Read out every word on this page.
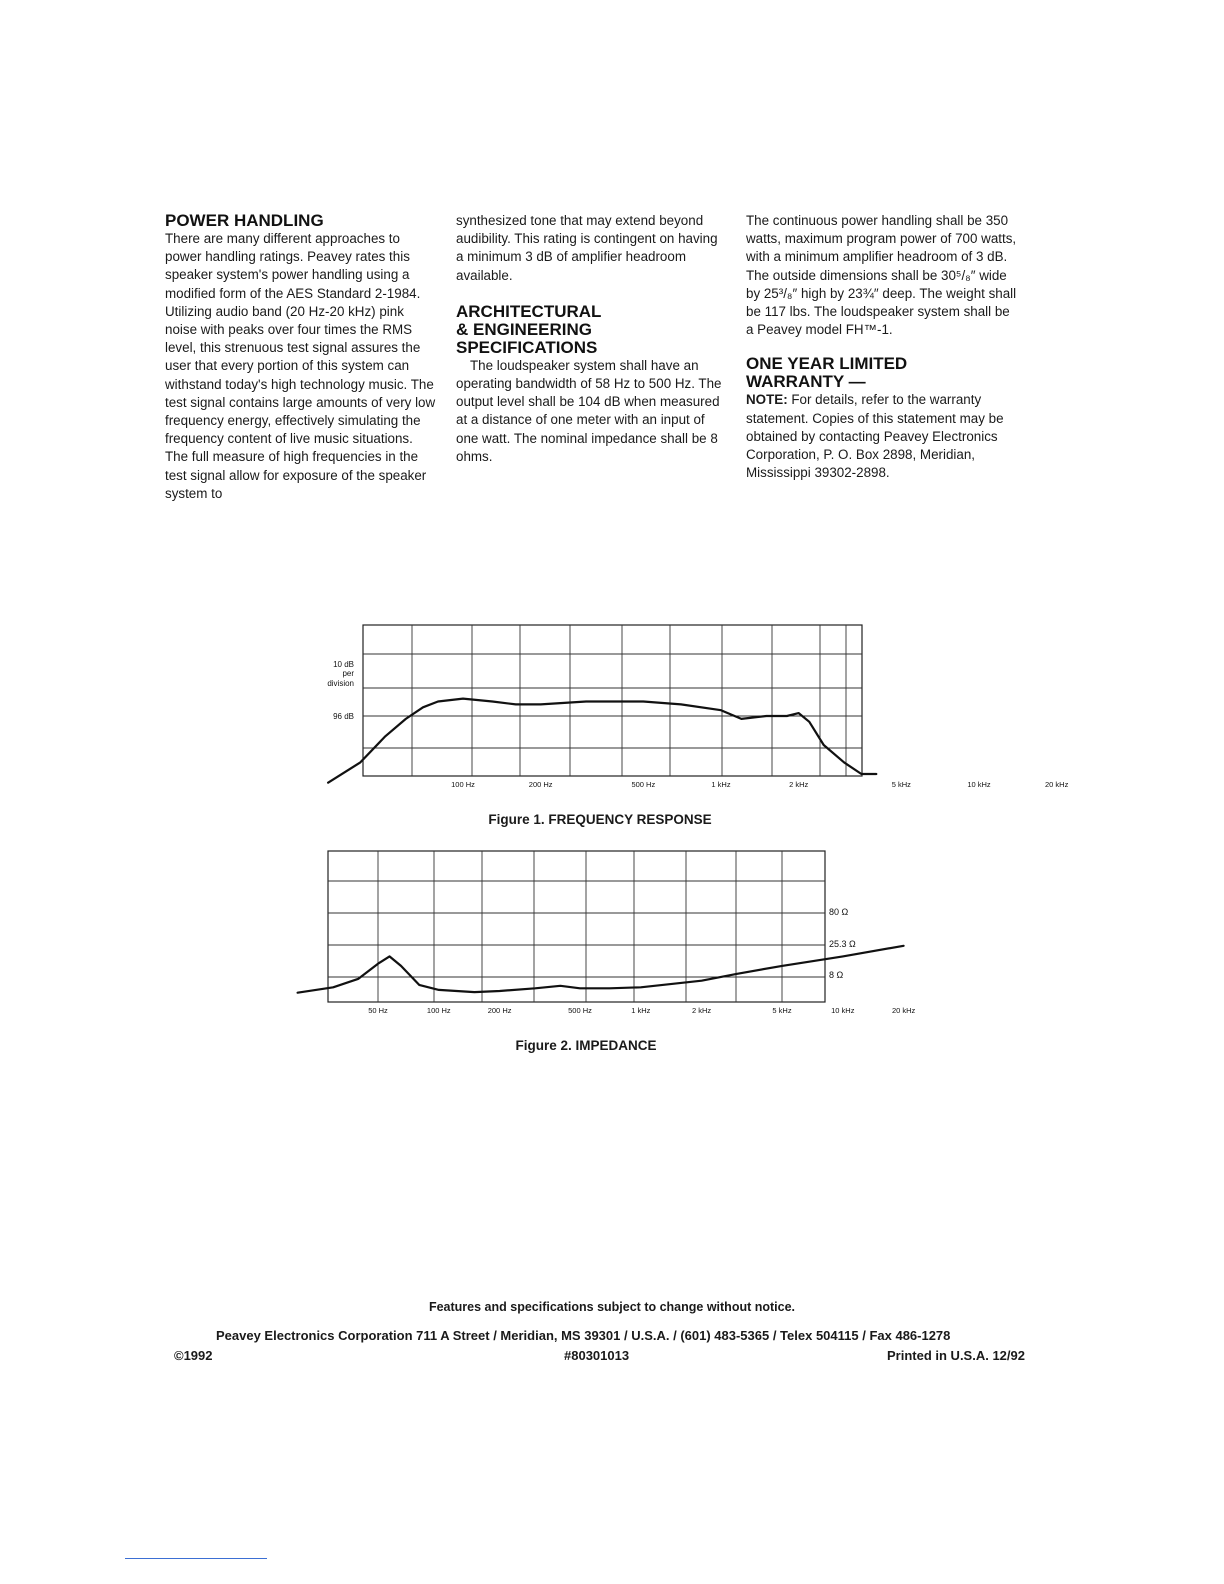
POWER HANDLING

There are many different approaches to power handling ratings. Peavey rates this speaker system's power handling using a modified form of the AES Standard 2-1984. Utilizing audio band (20 Hz-20 kHz) pink noise with peaks over four times the RMS level, this strenuous test signal assures the user that every portion of this system can withstand today's high technology music. The test signal contains large amounts of very low frequency energy, effectively simulating the frequency content of live music situations. The full measure of high frequencies in the test signal allow for exposure of the speaker system to

synthesized tone that may extend beyond audibility. This rating is contingent on having a minimum 3 dB of amplifier headroom available.

ARCHITECTURAL

& ENGINEERING

SPECIFICATIONS

The loudspeaker system shall have an operating bandwidth of 58 Hz to 500 Hz. The output level shall be 104 dB when measured at a distance of one meter with an input of one watt. The nominal impedance shall be 8 ohms.

The continuous power handling shall be 350 watts, maximum program power of 700 watts, with a minimum amplifier headroom of 3 dB. The outside dimensions shall be 30⁵/₈″ wide by 25³/₈″ high by 23¾″ deep. The weight shall be 117 lbs. The loudspeaker system shall be a Peavey model FH™-1.

ONE YEAR LIMITED

WARRANTY —

NOTE: For details, refer to the warranty statement. Copies of this statement may be obtained by contacting Peavey Electronics Corporation, P. O. Box 2898, Meridian, Mississippi 39302-2898.

10 dB
per
division
96 dB
100 Hz	200 Hz	500 Hz	1 kHz	2 kHz	5 kHz	10 kHz	20 kHz
80 Ω
25.3 Ω
8 Ω
50 Hz	100 Hz	200 Hz	500 Hz	1 kHz	2 kHz	5 kHz	10 kHz	20 kHz
Figure 1. FREQUENCY RESPONSE
Figure 2. IMPEDANCE
Features and specifications subject to change without notice.
Peavey Electronics Corporation 711 A Street / Meridian, MS 39301 / U.S.A. / (601) 483-5365 / Telex 504115 / Fax 486-1278
©1992	#80301013	Printed in U.S.A. 12/92
